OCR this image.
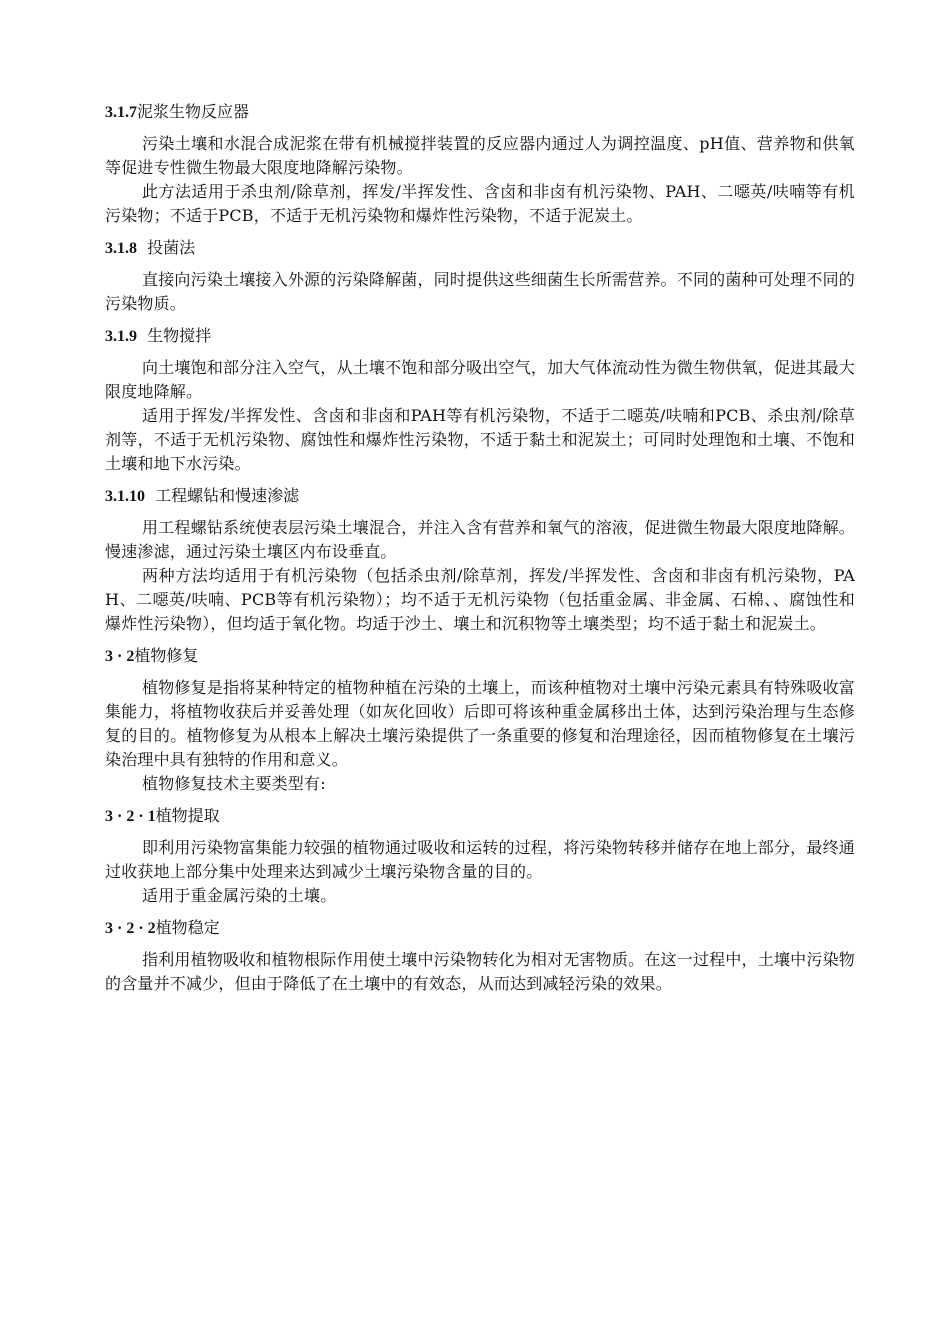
3.1.7泥浆生物反应器

污染土壤和水混合成泥浆在带有机械搅拌装置的反应器内通过人为调控温度、pH值、营养物和供氧等促进专性微生物最大限度地降解污染物。

此方法适用于杀虫剂/除草剂，挥发/半挥发性、含卤和非卤有机污染物、PAH、二噁英/呋喃等有机污染物；不适于PCB，不适于无机污染物和爆炸性污染物，不适于泥炭土。

3.1.8 投菌法

直接向污染土壤接入外源的污染降解菌，同时提供这些细菌生长所需营养。不同的菌种可处理不同的污染物质。

3.1.9 生物搅拌

向土壤饱和部分注入空气，从土壤不饱和部分吸出空气，加大气体流动性为微生物供氧，促进其最大限度地降解。

适用于挥发/半挥发性、含卤和非卤和PAH等有机污染物，不适于二噁英/呋喃和PCB、杀虫剂/除草剂等，不适于无机污染物、腐蚀性和爆炸性污染物，不适于黏土和泥炭土；可同时处理饱和土壤、不饱和土壤和地下水污染。

3.1.10 工程螺钻和慢速渗滤

用工程螺钻系统使表层污染土壤混合，并注入含有营养和氧气的溶液，促进微生物最大限度地降解。慢速渗滤，通过污染土壤区内布设垂直。

两种方法均适用于有机污染物（包括杀虫剂/除草剂，挥发/半挥发性、含卤和非卤有机污染物，PAH、二噁英/呋喃、PCB等有机污染物）；均不适于无机污染物（包括重金属、非金属、石棉、、腐蚀性和爆炸性污染物），但均适于氧化物。均适于沙土、壤土和沉积物等土壤类型；均不适于黏土和泥炭土。

3 · 2植物修复

植物修复是指将某种特定的植物种植在污染的土壤上，而该种植物对土壤中污染元素具有特殊吸收富集能力，将植物收获后并妥善处理（如灰化回收）后即可将该种重金属移出土体，达到污染治理与生态修复的目的。植物修复为从根本上解决土壤污染提供了一条重要的修复和治理途径，因而植物修复在土壤污染治理中具有独特的作用和意义。

植物修复技术主要类型有:

3 · 2 · 1植物提取

即利用污染物富集能力较强的植物通过吸收和运转的过程，将污染物转移并储存在地上部分，最终通过收获地上部分集中处理来达到减少土壤污染物含量的目的。

适用于重金属污染的土壤。

3 · 2 · 2植物稳定

指利用植物吸收和植物根际作用使土壤中污染物转化为相对无害物质。在这一过程中，土壤中污染物的含量并不减少，但由于降低了在土壤中的有效态，从而达到减轻污染的效果。
